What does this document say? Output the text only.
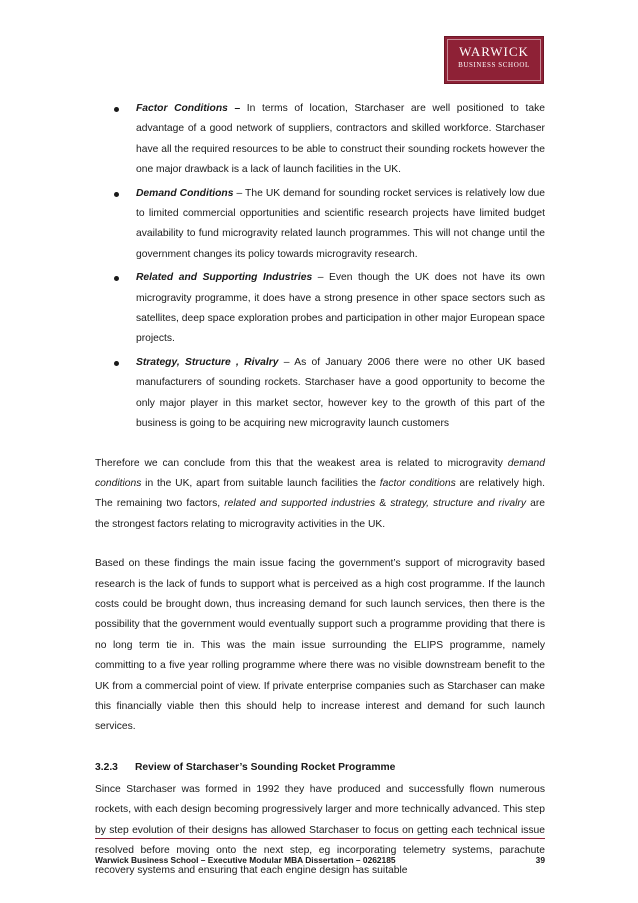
WARWICK
BUSINESS SCHOOL
Factor Conditions – In terms of location, Starchaser are well positioned to take advantage of a good network of suppliers, contractors and skilled workforce. Starchaser have all the required resources to be able to construct their sounding rockets however the one major drawback is a lack of launch facilities in the UK.
Demand Conditions – The UK demand for sounding rocket services is relatively low due to limited commercial opportunities and scientific research projects have limited budget availability to fund microgravity related launch programmes. This will not change until the government changes its policy towards microgravity research.
Related and Supporting Industries – Even though the UK does not have its own microgravity programme, it does have a strong presence in other space sectors such as satellites, deep space exploration probes and participation in other major European space projects.
Strategy, Structure , Rivalry – As of January 2006 there were no other UK based manufacturers of sounding rockets. Starchaser have a good opportunity to become the only major player in this market sector, however key to the growth of this part of the business is going to be acquiring new microgravity launch customers

Therefore we can conclude from this that the weakest area is related to microgravity demand conditions in the UK, apart from suitable launch facilities the factor conditions are relatively high. The remaining two factors, related and supported industries & strategy, structure and rivalry are the strongest factors relating to microgravity activities in the UK.

Based on these findings the main issue facing the government’s support of microgravity based research is the lack of funds to support what is perceived as a high cost programme. If the launch costs could be brought down, thus increasing demand for such launch services, then there is the possibility that the government would eventually support such a programme providing that there is no long term tie in. This was the main issue surrounding the ELIPS programme, namely committing to a five year rolling programme where there was no visible downstream benefit to the UK from a commercial point of view. If private enterprise companies such as Starchaser can make this financially viable then this should help to increase interest and demand for such launch services.

3.2.3 Review of Starchaser’s Sounding Rocket Programme

Since Starchaser was formed in 1992 they have produced and successfully flown numerous rockets, with each design becoming progressively larger and more technically advanced. This step by step evolution of their designs has allowed Starchaser to focus on getting each technical issue resolved before moving onto the next step, eg incorporating telemetry systems, parachute recovery systems and ensuring that each engine design has suitable

Warwick Business School – Executive Modular MBA Dissertation – 0262185	39
